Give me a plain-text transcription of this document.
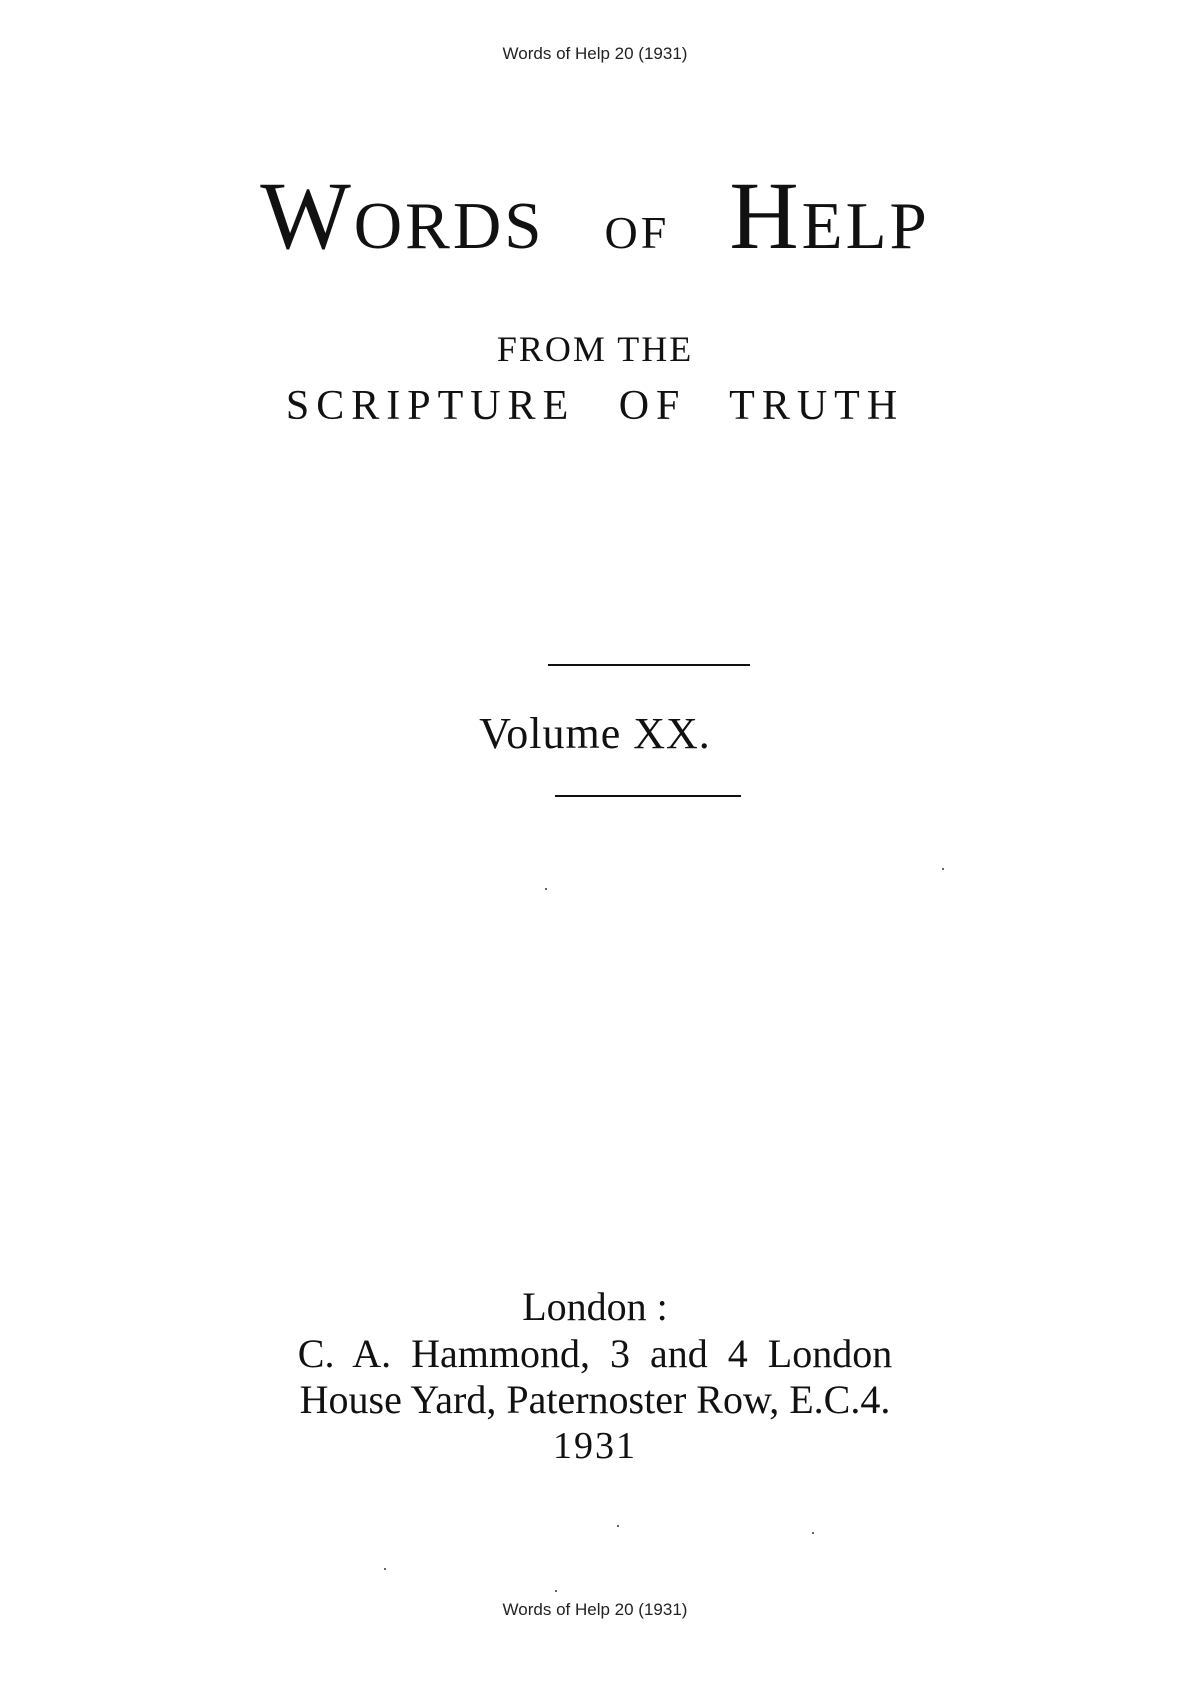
Words of Help 20 (1931)
Words of Help
FROM THE
SCRIPTURE OF TRUTH
Volume XX.
London :
C. A. Hammond, 3 and 4 London
House Yard, Paternoster Row, E.C.4.
1931
Words of Help 20 (1931)
